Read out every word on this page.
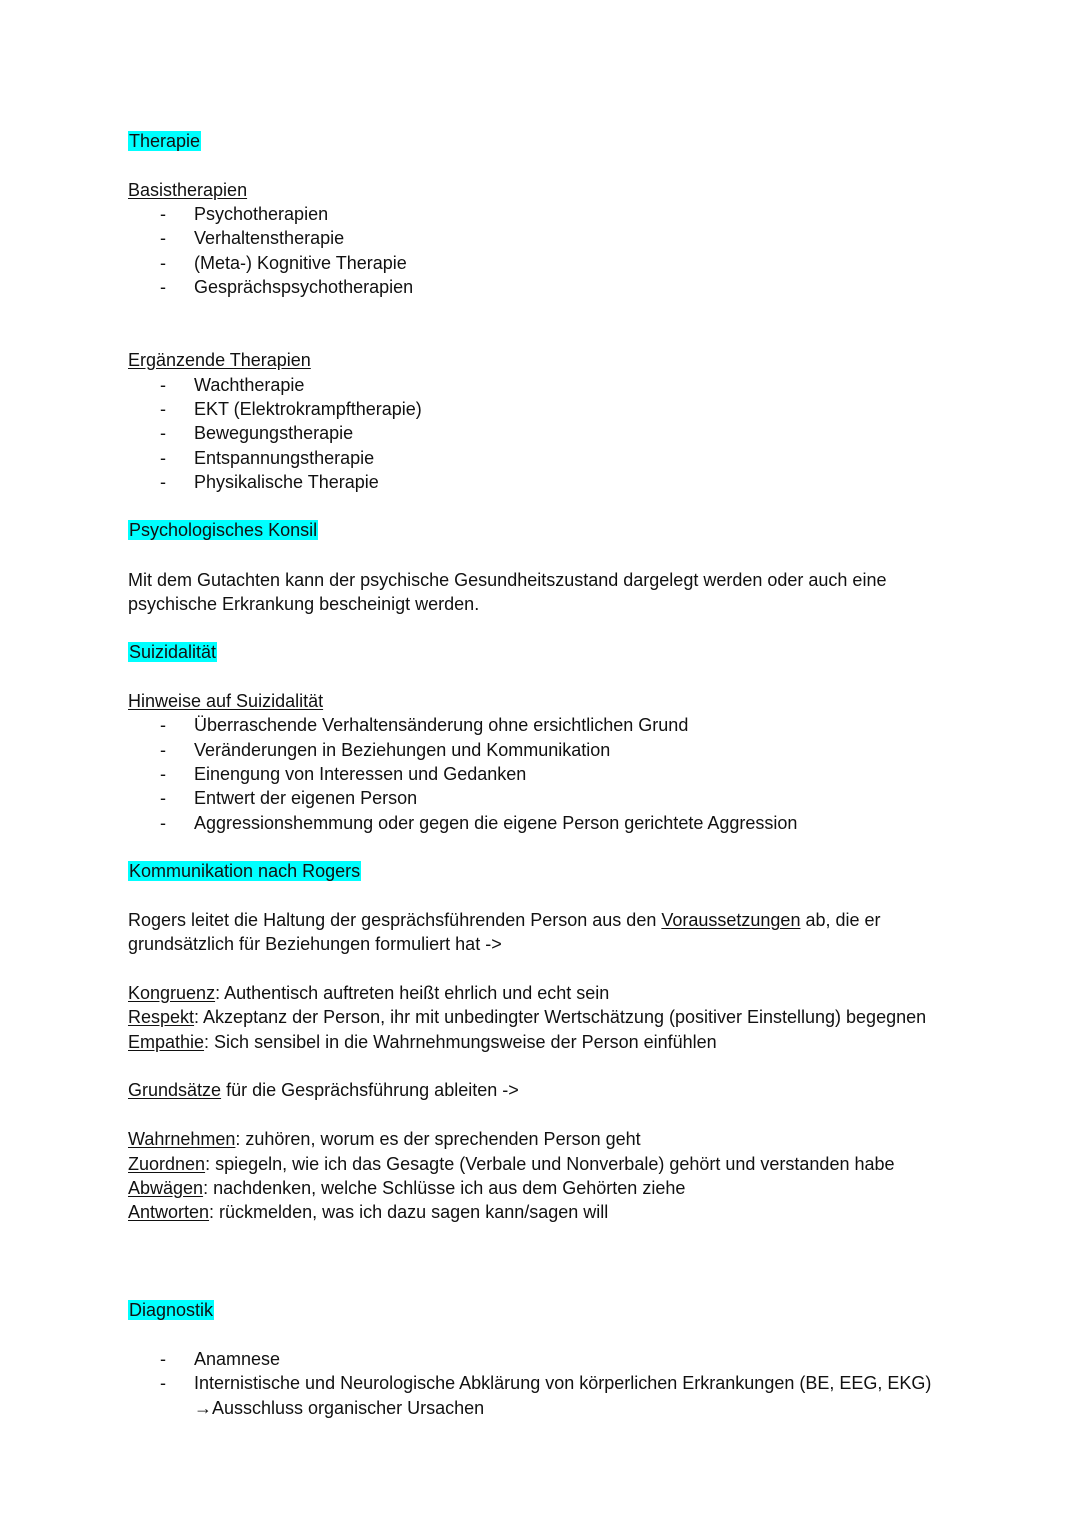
Therapie
Basistherapien
- Psychotherapien
- Verhaltenstherapie
- (Meta-) Kognitive Therapie
- Gesprächspsychotherapien
Ergänzende Therapien
- Wachtherapie
- EKT (Elektrokrampftherapie)
- Bewegungstherapie
- Entspannungstherapie
- Physikalische Therapie
Psychologisches Konsil
Mit dem Gutachten kann der psychische Gesundheitszustand dargelegt werden oder auch eine
psychische Erkrankung bescheinigt werden.
Suizidalität
Hinweise auf Suizidalität
- Überraschende Verhaltensänderung ohne ersichtlichen Grund
- Veränderungen in Beziehungen und Kommunikation
- Einengung von Interessen und Gedanken
- Entwert der eigenen Person
- Aggressionshemmung oder gegen die eigene Person gerichtete Aggression
Kommunikation nach Rogers
Rogers leitet die Haltung der gesprächsführenden Person aus den Voraussetzungen ab, die er
grundsätzlich für Beziehungen formuliert hat ->
Kongruenz: Authentisch auftreten heißt ehrlich und echt sein
Respekt: Akzeptanz der Person, ihr mit unbedingter Wertschätzung (positiver Einstellung) begegnen
Empathie: Sich sensibel in die Wahrnehmungsweise der Person einfühlen
Grundsätze für die Gesprächsführung ableiten ->
Wahrnehmen: zuhören, worum es der sprechenden Person geht
Zuordnen: spiegeln, wie ich das Gesagte (Verbale und Nonverbale) gehört und verstanden habe
Abwägen: nachdenken, welche Schlüsse ich aus dem Gehörten ziehe
Antworten: rückmelden, was ich dazu sagen kann/sagen will
Diagnostik
- Anamnese
- Internistische und Neurologische Abklärung von körperlichen Erkrankungen (BE, EEG, EKG)
→Ausschluss organischer Ursachen
